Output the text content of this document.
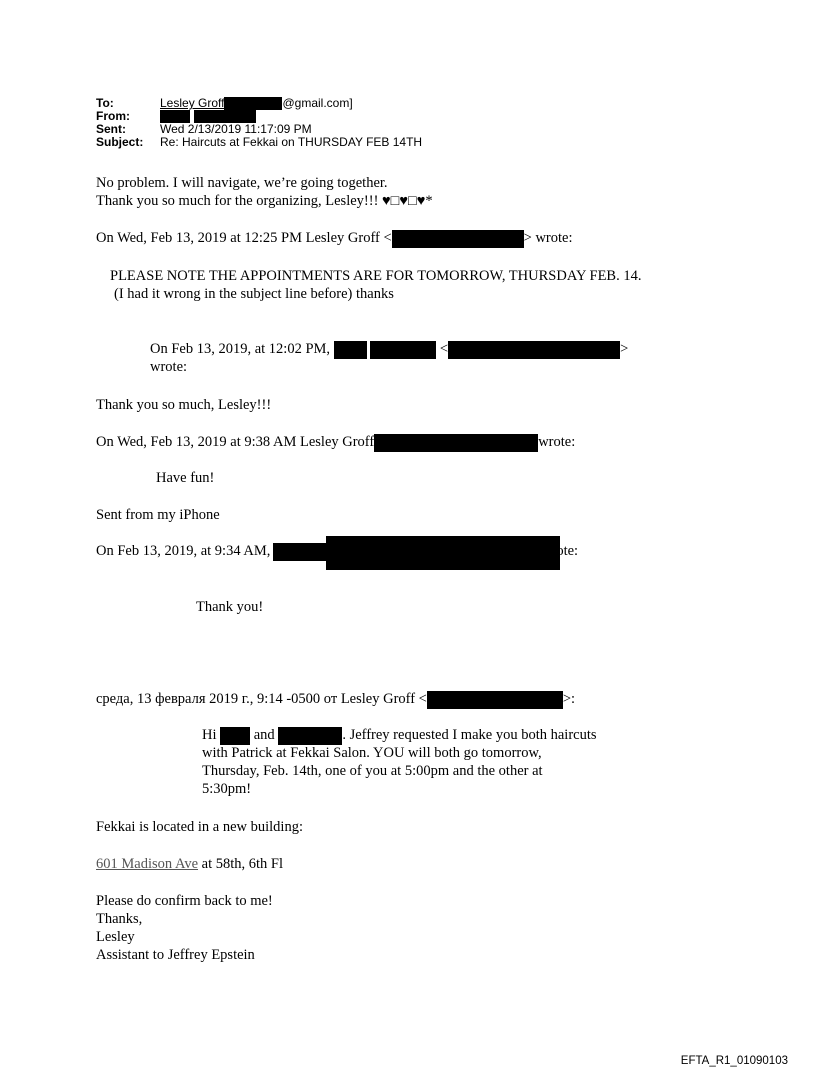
To:	Lesley Groff	@gmail.com]
From:
Sent:	Wed 2/13/2019 11:17:09 PM
Subject: Re: Haircuts at Fekkai on THURSDAY FEB 14TH
No problem. I will navigate, we’re going together.
Thank you so much for the organizing, Lesley!!! ♥□♥□♥*
On Wed, Feb 13, 2019 at 12:25 PM Lesley Groff <	> wrote:
PLEASE NOTE THE APPOINTMENTS ARE FOR TOMORROW, THURSDAY FEB. 14.
(I had it wrong in the subject line before) thanks
On Feb 13, 2019, at 12:02 PM,	<	>
wrote:
Thank you so much, Lesley!!!
On Wed, Feb 13, 2019 at 9:38 AM Lesley Groff	wrote:
Have fun!
Sent from my iPhone
On Feb 13, 2019, at 9:34 AM,	wrote:
Thank you!
среда, 13 февраля 2019 г., 9:14 -0500 от Lesley Groff <	>:
Hi	and	. Jeffrey requested I make you both haircuts
with Patrick at Fekkai Salon. YOU will both go tomorrow,
Thursday, Feb. 14th, one of you at 5:00pm and the other at
5:30pm!
Fekkai is located in a new building:
601 Madison Ave at 58th, 6th Fl
Please do confirm back to me!
Thanks,
Lesley
Assistant to Jeffrey Epstein
EFTA_R1_01090103
